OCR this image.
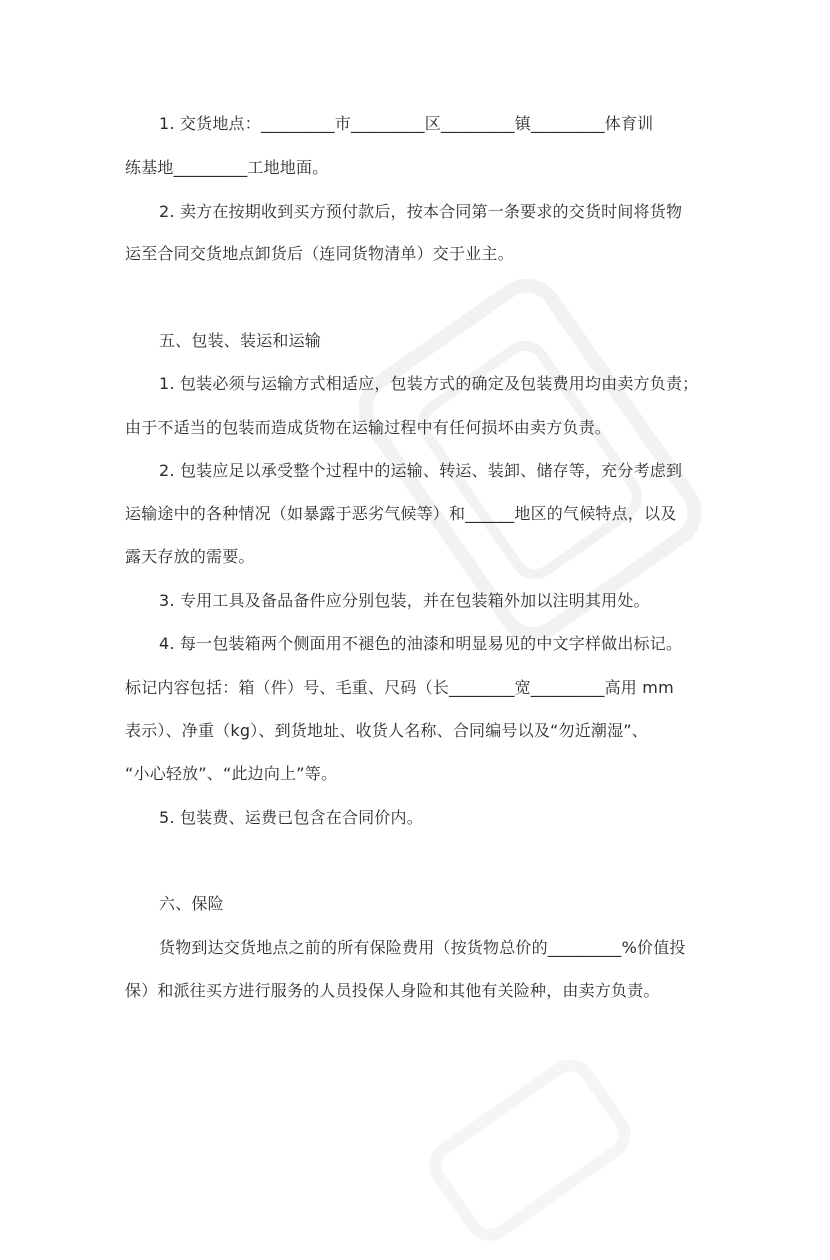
1. 交货地点：_________市_________区_________镇_________体育训
练基地_________工地地面。
2. 卖方在按期收到买方预付款后，按本合同第一条要求的交货时间将货物
运至合同交货地点卸货后（连同货物清单）交于业主。
五、包装、装运和运输
1. 包装必须与运输方式相适应，包装方式的确定及包装费用均由卖方负责；
由于不适当的包装而造成货物在运输过程中有任何损坏由卖方负责。
2. 包装应足以承受整个过程中的运输、转运、装卸、储存等，充分考虑到
运输途中的各种情况（如暴露于恶劣气候等）和______地区的气候特点，以及
露天存放的需要。
3. 专用工具及备品备件应分别包装，并在包装箱外加以注明其用处。
4. 每一包装箱两个侧面用不褪色的油漆和明显易见的中文字样做出标记。
标记内容包括：箱（件）号、毛重、尺码（长________宽_________高用 mm
表示）、净重（kg）、到货地址、收货人名称、合同编号以及“勿近潮湿”、
“小心轻放”、“此边向上”等。
5. 包装费、运费已包含在合同价内。
六、保险
货物到达交货地点之前的所有保险费用（按货物总价的_________%价值投
保）和派往买方进行服务的人员投保人身险和其他有关险种，由卖方负责。
